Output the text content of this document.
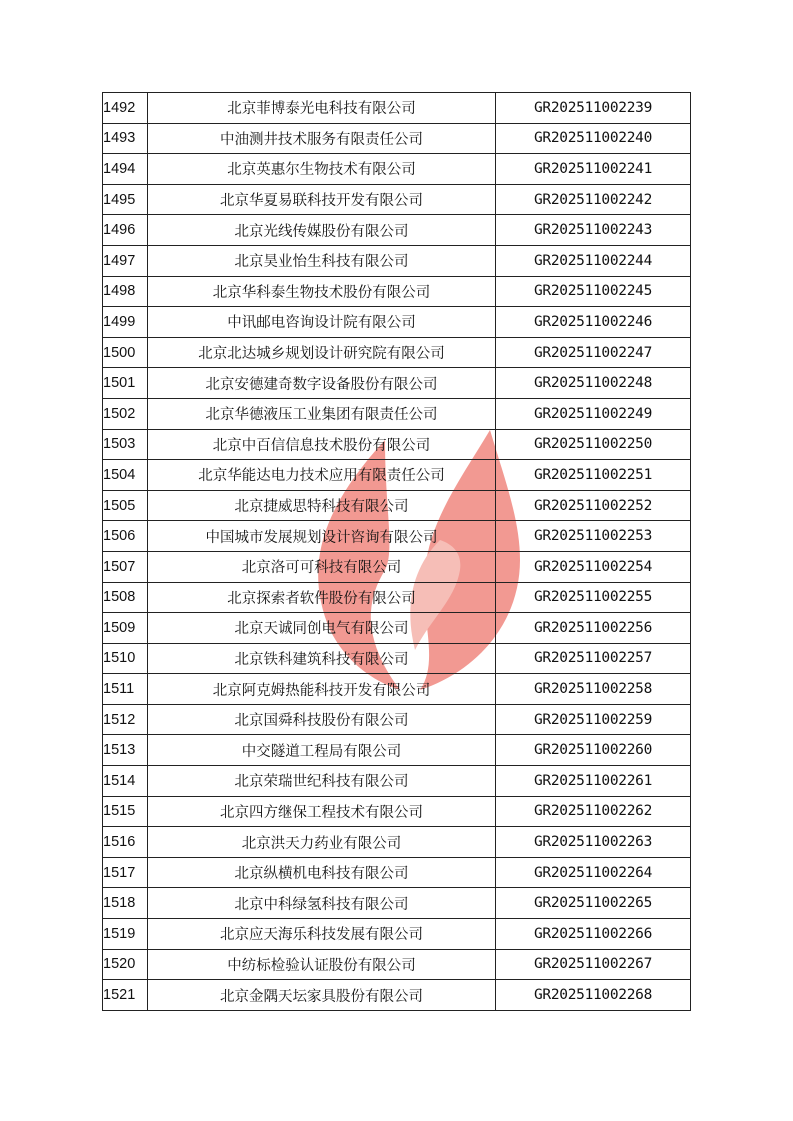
1492	北京菲博泰光电科技有限公司	GR202511002239
1493	中油测井技术服务有限责任公司	GR202511002240
1494	北京英惠尔生物技术有限公司	GR202511002241
1495	北京华夏易联科技开发有限公司	GR202511002242
1496	北京光线传媒股份有限公司	GR202511002243
1497	北京昊业怡生科技有限公司	GR202511002244
1498	北京华科泰生物技术股份有限公司	GR202511002245
1499	中讯邮电咨询设计院有限公司	GR202511002246
1500	北京北达城乡规划设计研究院有限公司	GR202511002247
1501	北京安德建奇数字设备股份有限公司	GR202511002248
1502	北京华德液压工业集团有限责任公司	GR202511002249
1503	北京中百信信息技术股份有限公司	GR202511002250
1504	北京华能达电力技术应用有限责任公司	GR202511002251
1505	北京捷威思特科技有限公司	GR202511002252
1506	中国城市发展规划设计咨询有限公司	GR202511002253
1507	北京洛可可科技有限公司	GR202511002254
1508	北京探索者软件股份有限公司	GR202511002255
1509	北京天诚同创电气有限公司	GR202511002256
1510	北京铁科建筑科技有限公司	GR202511002257
1511	北京阿克姆热能科技开发有限公司	GR202511002258
1512	北京国舜科技股份有限公司	GR202511002259
1513	中交隧道工程局有限公司	GR202511002260
1514	北京荣瑞世纪科技有限公司	GR202511002261
1515	北京四方继保工程技术有限公司	GR202511002262
1516	北京洪天力药业有限公司	GR202511002263
1517	北京纵横机电科技有限公司	GR202511002264
1518	北京中科绿氢科技有限公司	GR202511002265
1519	北京应天海乐科技发展有限公司	GR202511002266
1520	中纺标检验认证股份有限公司	GR202511002267
1521	北京金隅天坛家具股份有限公司	GR202511002268
